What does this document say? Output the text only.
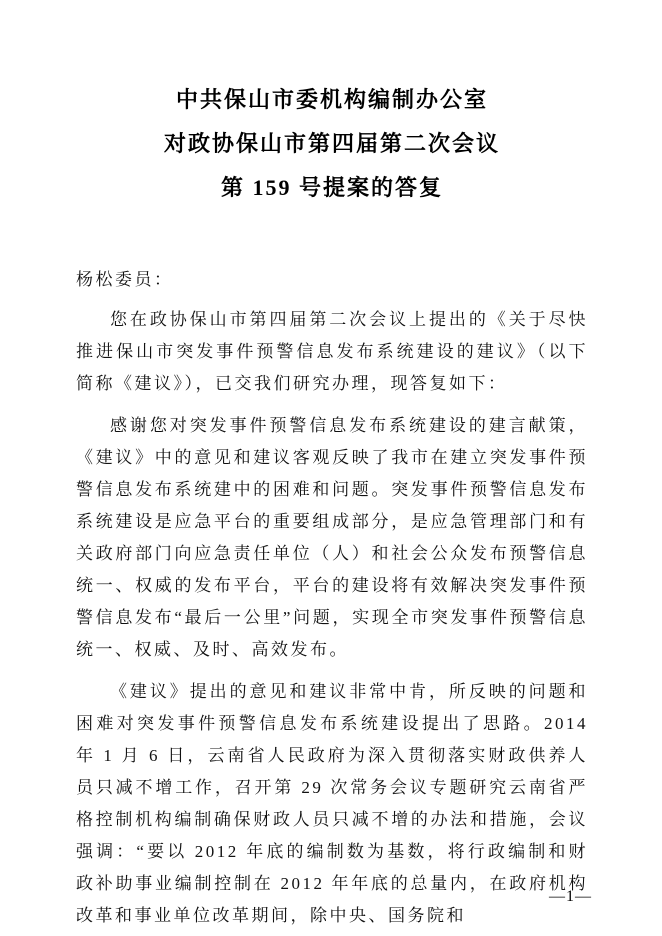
中共保山市委机构编制办公室
对政协保山市第四届第二次会议
第 159 号提案的答复
杨松委员：

您在政协保山市第四届第二次会议上提出的《关于尽快推进保山市突发事件预警信息发布系统建设的建议》（以下简称《建议》），已交我们研究办理，现答复如下：

感谢您对突发事件预警信息发布系统建设的建言献策，《建议》中的意见和建议客观反映了我市在建立突发事件预警信息发布系统建中的困难和问题。突发事件预警信息发布系统建设是应急平台的重要组成部分，是应急管理部门和有关政府部门向应急责任单位（人）和社会公众发布预警信息统一、权威的发布平台，平台的建设将有效解决突发事件预警信息发布“最后一公里”问题，实现全市突发事件预警信息统一、权威、及时、高效发布。

《建议》提出的意见和建议非常中肯，所反映的问题和困难对突发事件预警信息发布系统建设提出了思路。2014 年 1 月 6 日，云南省人民政府为深入贯彻落实财政供养人员只减不增工作，召开第 29 次常务会议专题研究云南省严格控制机构编制确保财政人员只减不增的办法和措施，会议强调：“要以 2012 年底的编制数为基数，将行政编制和财政补助事业编制控制在 2012 年年底的总量内，在政府机构改革和事业单位改革期间，除中央、国务院和

—1—
